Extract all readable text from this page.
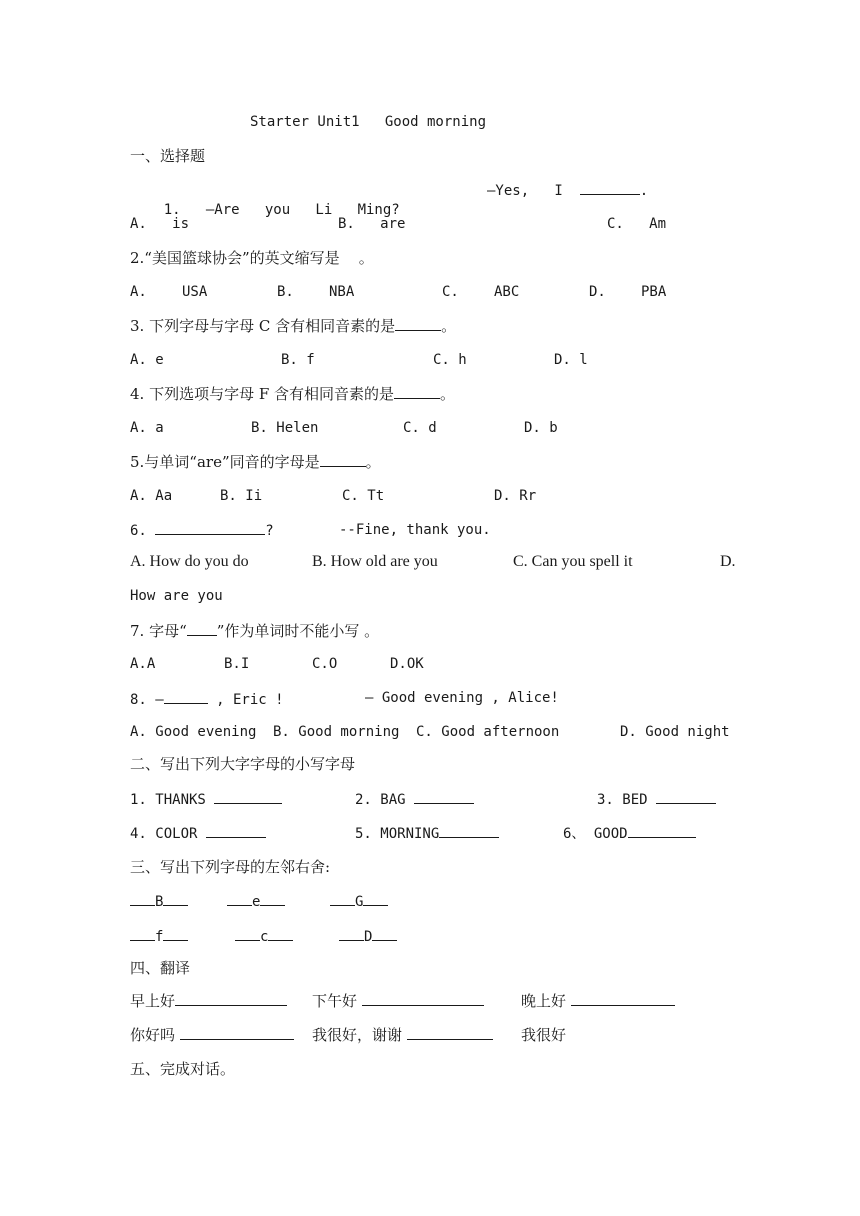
Starter Unit1   Good morning
一、选择题

1.   —Are   you   Li   Ming?

—Yes,   I	.
A.   is	B.   are	C.   Am
2.“美国篮球协会”的英文缩写是    。
A.	USA	B.	NBA	C.	ABC	D.	PBA
3. 下列字母与字母 C 含有相同音素的是	。
A. e	B. f	C. h	D. l
4. 下列选项与字母 F 含有相同音素的是	。
A. a	B. Helen	C. d	D. b
5.与单词“are”同音的字母是	。
A. Aa	B. Ii	C. Tt	D. Rr
6.	?	--Fine, thank you.
A. How do you do	B. How old are you	C. Can you spell it	D.
How are you
7. 字母“ ”作为单词时不能小写 。
A.A	B.I	C.O	D.OK
8. —	, Eric !	— Good evening , Alice!
A. Good evening B. Good morning C. Good afternoon	D. Good night
二、写出下列大字字母的小写字母
1. THANKS	2. BAG	3. BED
4. COLOR	5. MORNING	6、 GOOD
三、写出下列字母的左邻右舍:
B	e	G
f	c	D
四、翻译
早上好	下午好	晚上好
你好吗	我很好，谢谢	我很好
五、完成对话。
